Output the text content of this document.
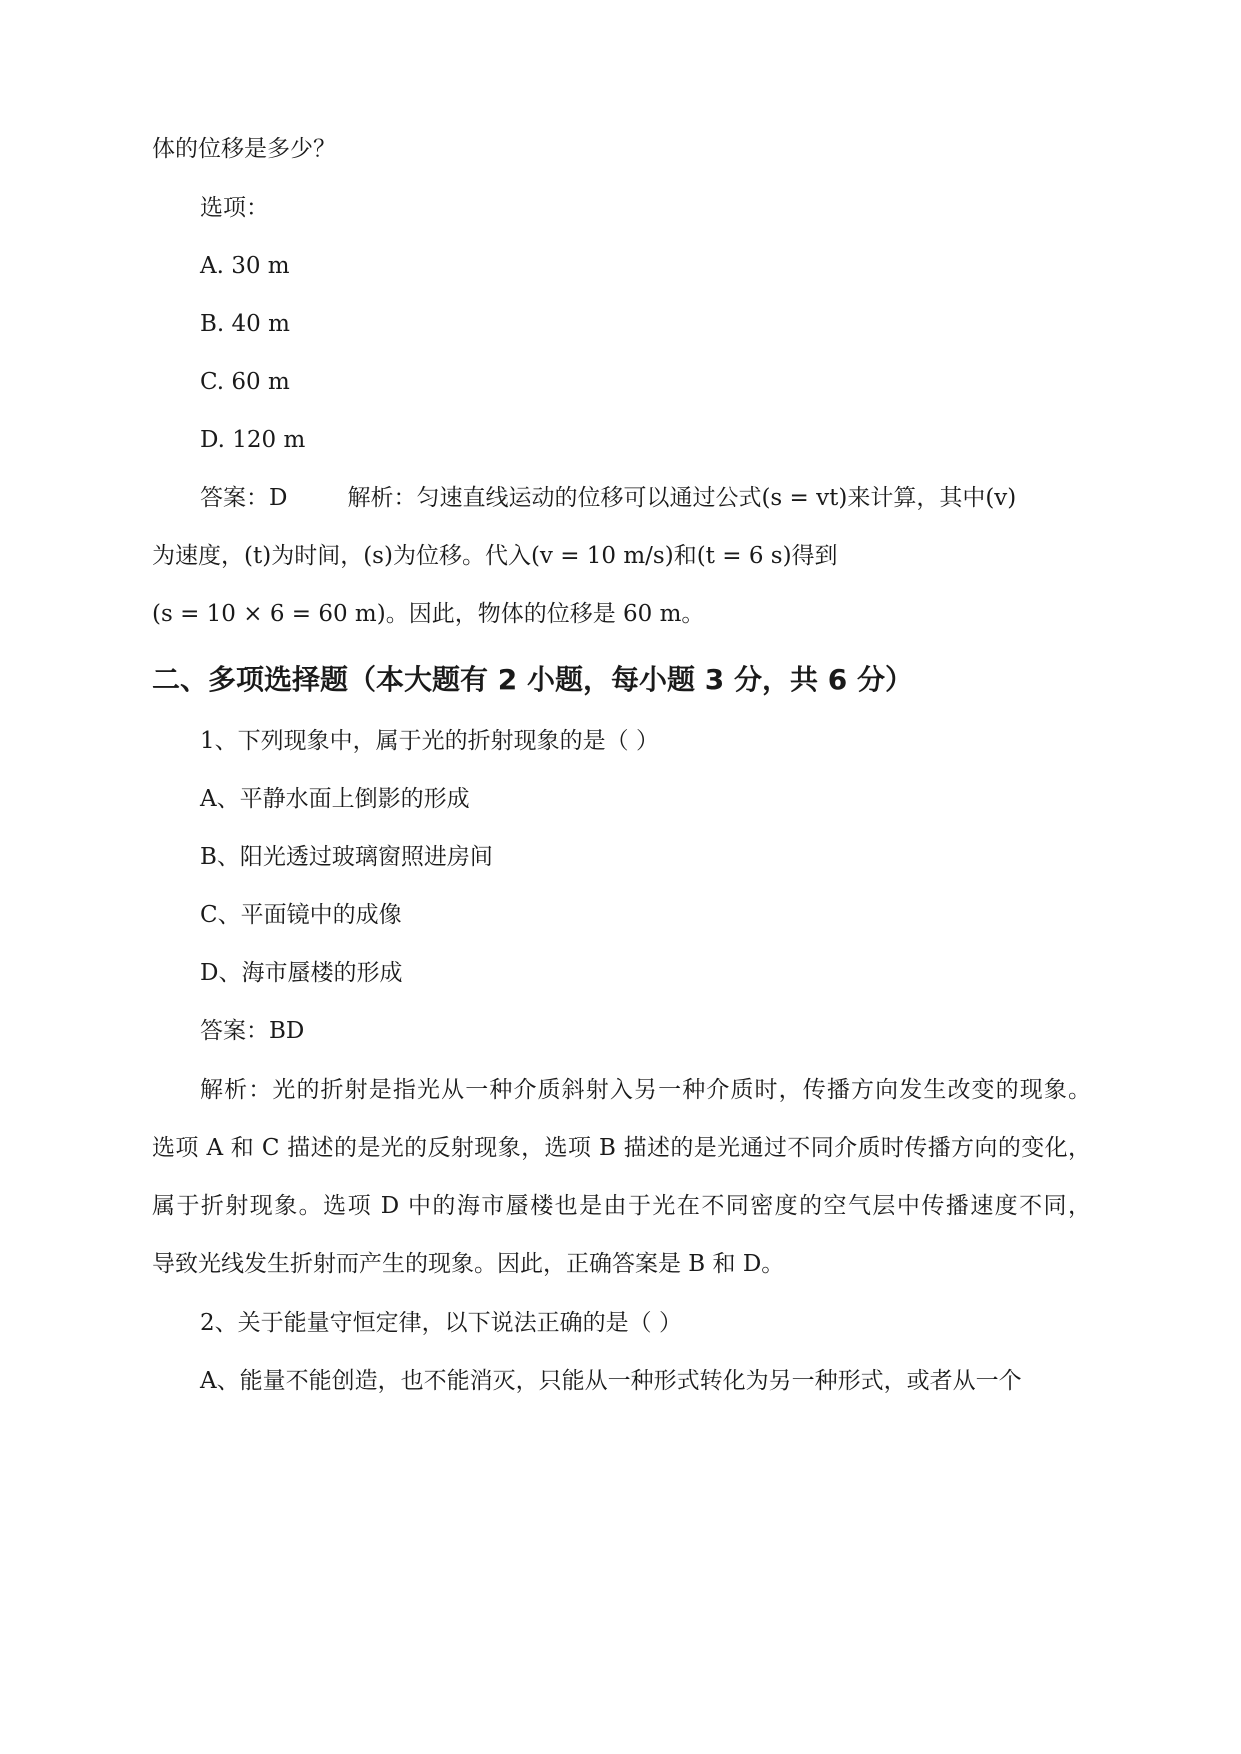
体的位移是多少？
选项：
A. 30 m
B. 40 m
C. 60 m
D. 120 m
答案：D	解析：匀速直线运动的位移可以通过公式(s = vt)来计算，其中(v)
为速度，(t)为时间，(s)为位移。代入(v = 10 m/s)和(t = 6 s)得到
(s = 10 × 6 = 60 m)。因此，物体的位移是 60 m。
二、多项选择题（本大题有 2 小题，每小题 3 分，共 6 分）
1、下列现象中，属于光的折射现象的是（ ）
A、平静水面上倒影的形成
B、阳光透过玻璃窗照进房间
C、平面镜中的成像
D、海市蜃楼的形成
答案：BD
解析：光的折射是指光从一种介质斜射入另一种介质时，传播方向发生改变的现象。
选项 A 和 C 描述的是光的反射现象，选项 B 描述的是光通过不同介质时传播方向的变化，
属于折射现象。选项 D 中的海市蜃楼也是由于光在不同密度的空气层中传播速度不同，
导致光线发生折射而产生的现象。因此，正确答案是 B 和 D。
2、关于能量守恒定律，以下说法正确的是（ ）
A、能量不能创造，也不能消灭，只能从一种形式转化为另一种形式，或者从一个
